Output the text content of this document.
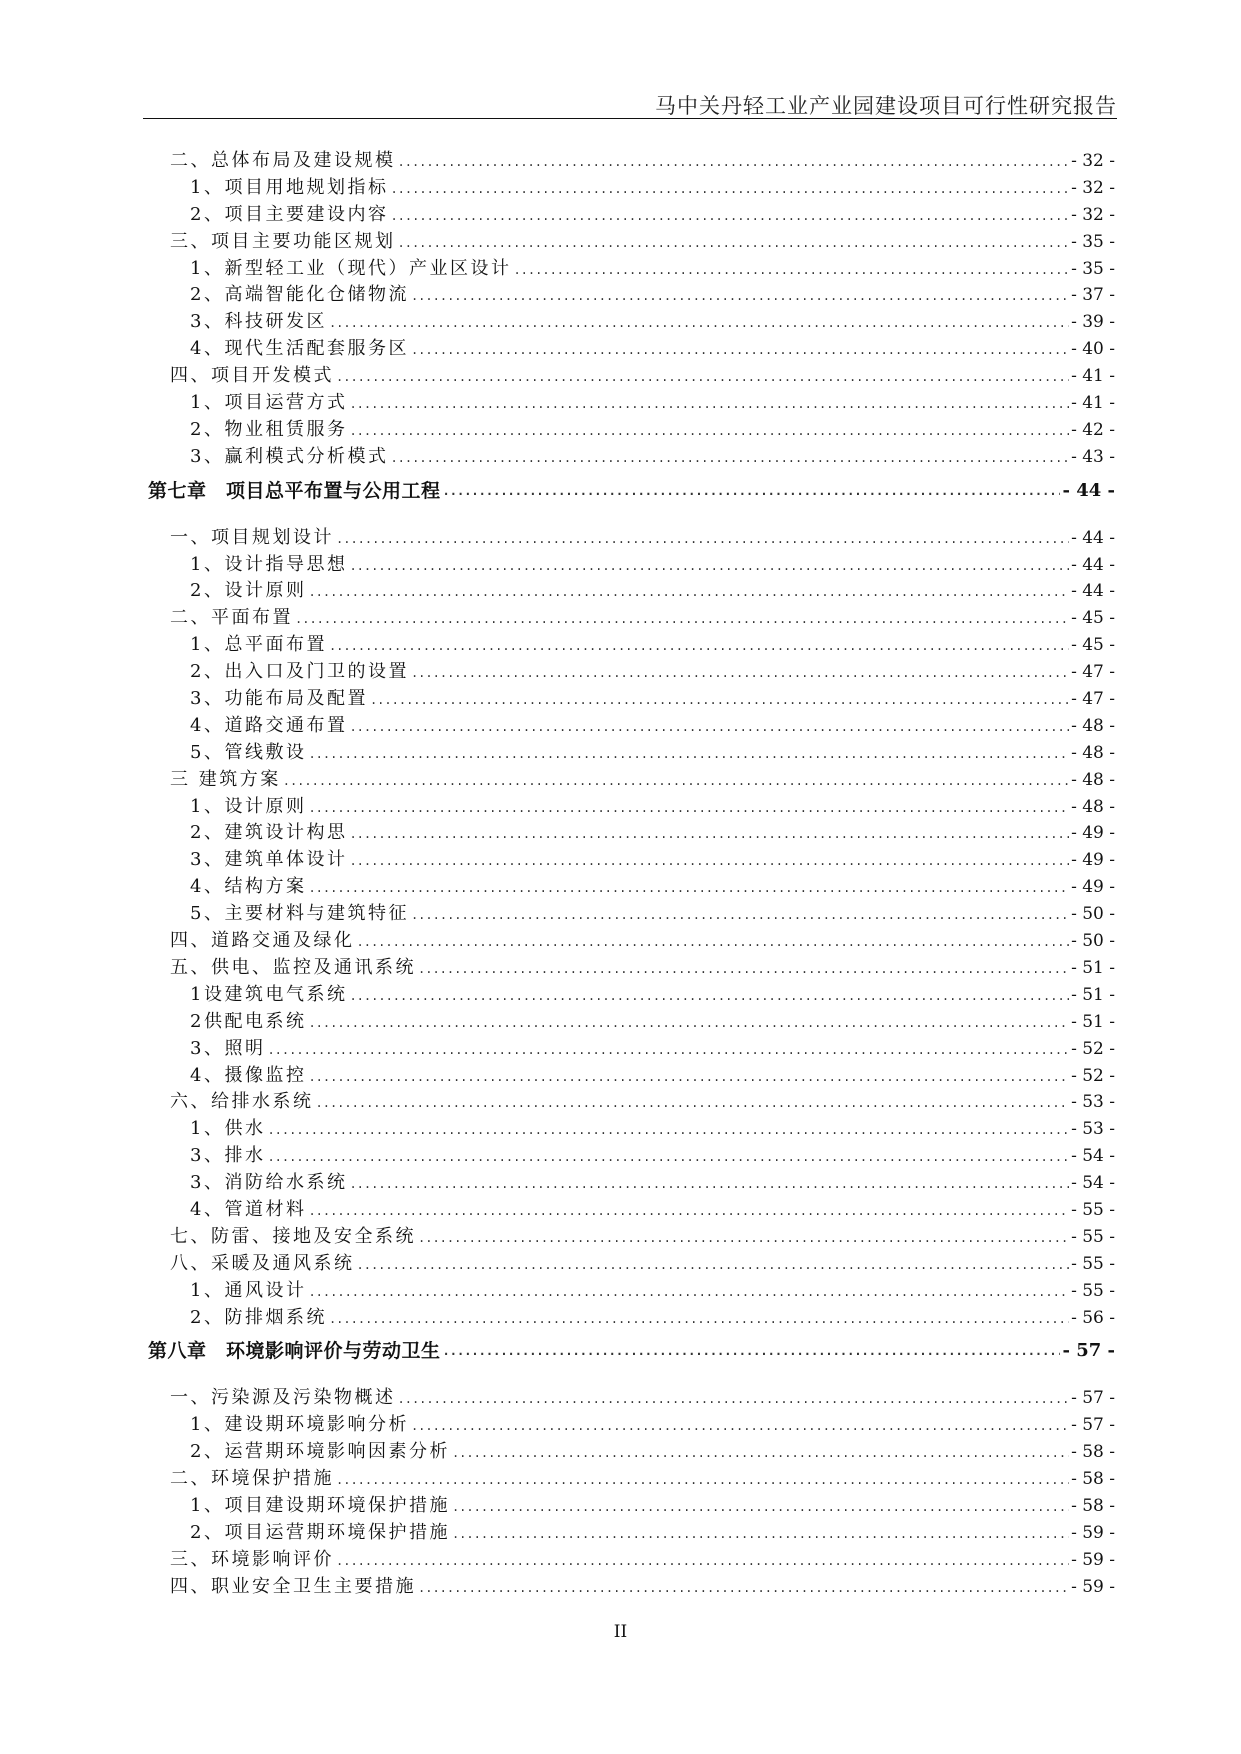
马中关丹轻工业产业园建设项目可行性研究报告
二、总体布局及建设规模 .....	- 32 -
1、项目用地规划指标 .....	- 32 -
2、项目主要建设内容 .....	- 32 -
三、项目主要功能区规划 .....	- 35 -
1、新型轻工业（现代）产业区设计 .....	- 35 -
2、高端智能化仓储物流 .....	- 37 -
3、科技研发区 .....	- 39 -
4、现代生活配套服务区 .....	- 40 -
四、项目开发模式 .....	- 41 -
1、项目运营方式 .....	- 41 -
2、物业租赁服务 .....	- 42 -
3、赢利模式分析模式 .....	- 43 -
第七章　项目总平布置与公用工程 .....	- 44 -
一、项目规划设计 .....	- 44 -
1、设计指导思想 .....	- 44 -
2、设计原则 .....	- 44 -
二、平面布置 .....	- 45 -
1、总平面布置 .....	- 45 -
2、出入口及门卫的设置 .....	- 47 -
3、功能布局及配置 .....	- 47 -
4、道路交通布置 .....	- 48 -
5、管线敷设 .....	- 48 -
三 建筑方案 .....	- 48 -
1、设计原则 .....	- 48 -
2、建筑设计构思 .....	- 49 -
3、建筑单体设计 .....	- 49 -
4、结构方案 .....	- 49 -
5、主要材料与建筑特征 .....	- 50 -
四、道路交通及绿化 .....	- 50 -
五、供电、监控及通讯系统 .....	- 51 -
1设建筑电气系统 .....	- 51 -
2供配电系统 .....	- 51 -
3、照明 .....	- 52 -
4、摄像监控 .....	- 52 -
六、给排水系统 .....	- 53 -
1、供水 .....	- 53 -
3、排水 .....	- 54 -
3、消防给水系统 .....	- 54 -
4、管道材料 .....	- 55 -
七、防雷、接地及安全系统 .....	- 55 -
八、采暖及通风系统 .....	- 55 -
1、通风设计 .....	- 55 -
2、防排烟系统 .....	- 56 -
第八章　环境影响评价与劳动卫生 .....	- 57 -
一、污染源及污染物概述 .....	- 57 -
1、建设期环境影响分析 .....	- 57 -
2、运营期环境影响因素分析 .....	- 58 -
二、环境保护措施 .....	- 58 -
1、项目建设期环境保护措施 .....	- 58 -
2、项目运营期环境保护措施 .....	- 59 -
三、环境影响评价 .....	- 59 -
四、职业安全卫生主要措施 .....	- 59 -
II
